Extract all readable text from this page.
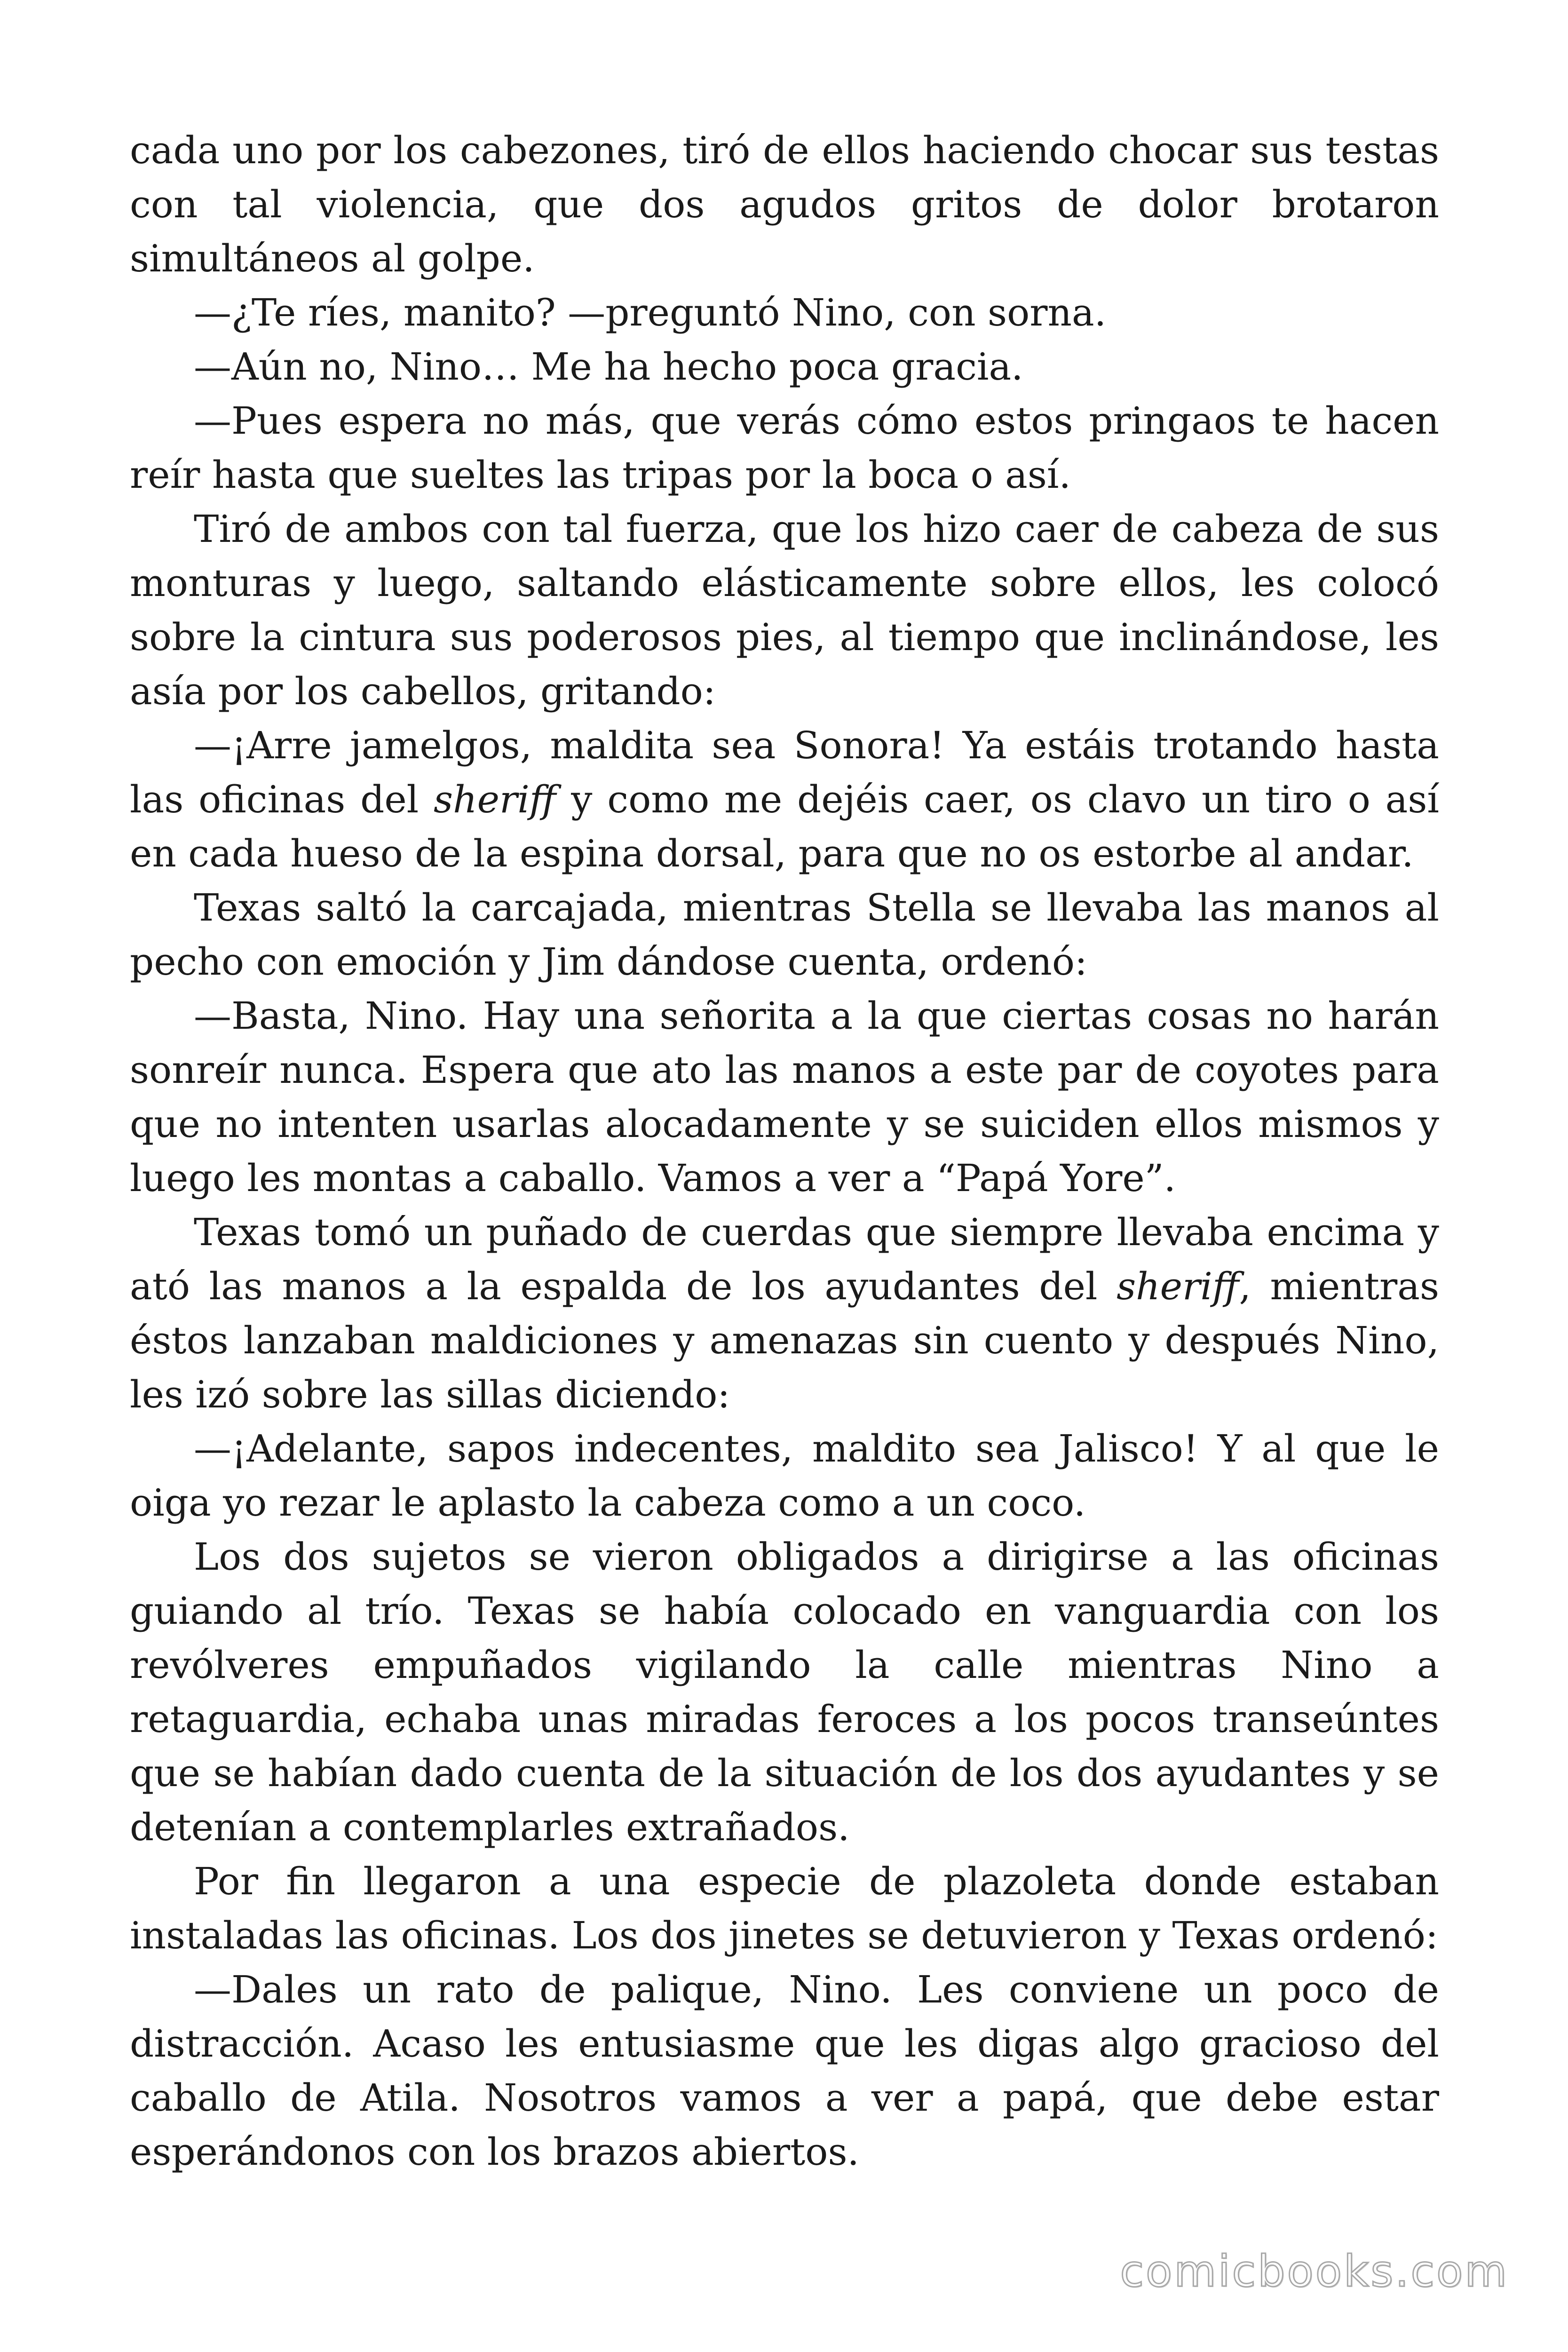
cada uno por los cabezones, tiró de ellos haciendo chocar sus testas con tal violencia, que dos agudos gritos de dolor brotaron simultáneos al golpe.

—¿Te ríes, manito? —preguntó Nino, con sorna.

—Aún no, Nino… Me ha hecho poca gracia.

—Pues espera no más, que verás cómo estos pringaos te hacen reír hasta que sueltes las tripas por la boca o así.

Tiró de ambos con tal fuerza, que los hizo caer de cabeza de sus monturas y luego, saltando elásticamente sobre ellos, les colocó sobre la cintura sus poderosos pies, al tiempo que inclinándose, les asía por los cabellos, gritando:

—¡Arre jamelgos, maldita sea Sonora! Ya estáis trotando hasta las oficinas del sheriff y como me dejéis caer, os clavo un tiro o así en cada hueso de la espina dorsal, para que no os estorbe al andar.

Texas saltó la carcajada, mientras Stella se llevaba las manos al pecho con emoción y Jim dándose cuenta, ordenó:

—Basta, Nino. Hay una señorita a la que ciertas cosas no harán sonreír nunca. Espera que ato las manos a este par de coyotes para que no intenten usarlas alocadamente y se suiciden ellos mismos y luego les montas a caballo. Vamos a ver a “Papá Yore”.

Texas tomó un puñado de cuerdas que siempre llevaba encima y ató las manos a la espalda de los ayudantes del sheriff, mientras éstos lanzaban maldiciones y amenazas sin cuento y después Nino, les izó sobre las sillas diciendo:

—¡Adelante, sapos indecentes, maldito sea Jalisco! Y al que le oiga yo rezar le aplasto la cabeza como a un coco.

Los dos sujetos se vieron obligados a dirigirse a las oficinas guiando al trío. Texas se había colocado en vanguardia con los revólveres empuñados vigilando la calle mientras Nino a retaguardia, echaba unas miradas feroces a los pocos transeúntes que se habían dado cuenta de la situación de los dos ayudantes y se detenían a contemplarles extrañados.

Por fin llegaron a una especie de plazoleta donde estaban instaladas las oficinas. Los dos jinetes se detuvieron y Texas ordenó:

—Dales un rato de palique, Nino. Les conviene un poco de distracción. Acaso les entusiasme que les digas algo gracioso del caballo de Atila. Nosotros vamos a ver a papá, que debe estar esperándonos con los brazos abiertos.

comicbooks.com
